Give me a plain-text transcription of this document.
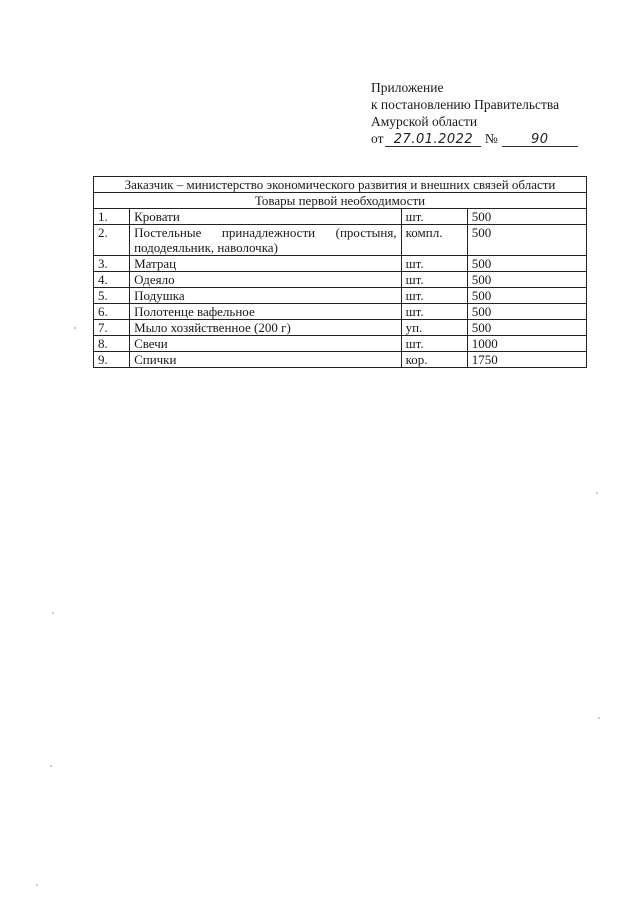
Приложение
к постановлению Правительства
Амурской области
от 27.01.2022 №	90
Заказчик – министерство экономического развития и внешних связей области			
Товары первой необходимости			
1.	Кровати	шт.	500
2.	Постельные принадлежности (простыня, пододеяльник, наволочка)	компл.	500
3.	Матрац	шт.	500
4.	Одеяло	шт.	500
5.	Подушка	шт.	500
6.	Полотенце вафельное	шт.	500
7.	Мыло хозяйственное (200 г)	уп.	500
8.	Свечи	шт.	1000
9.	Спички	кор.	1750
